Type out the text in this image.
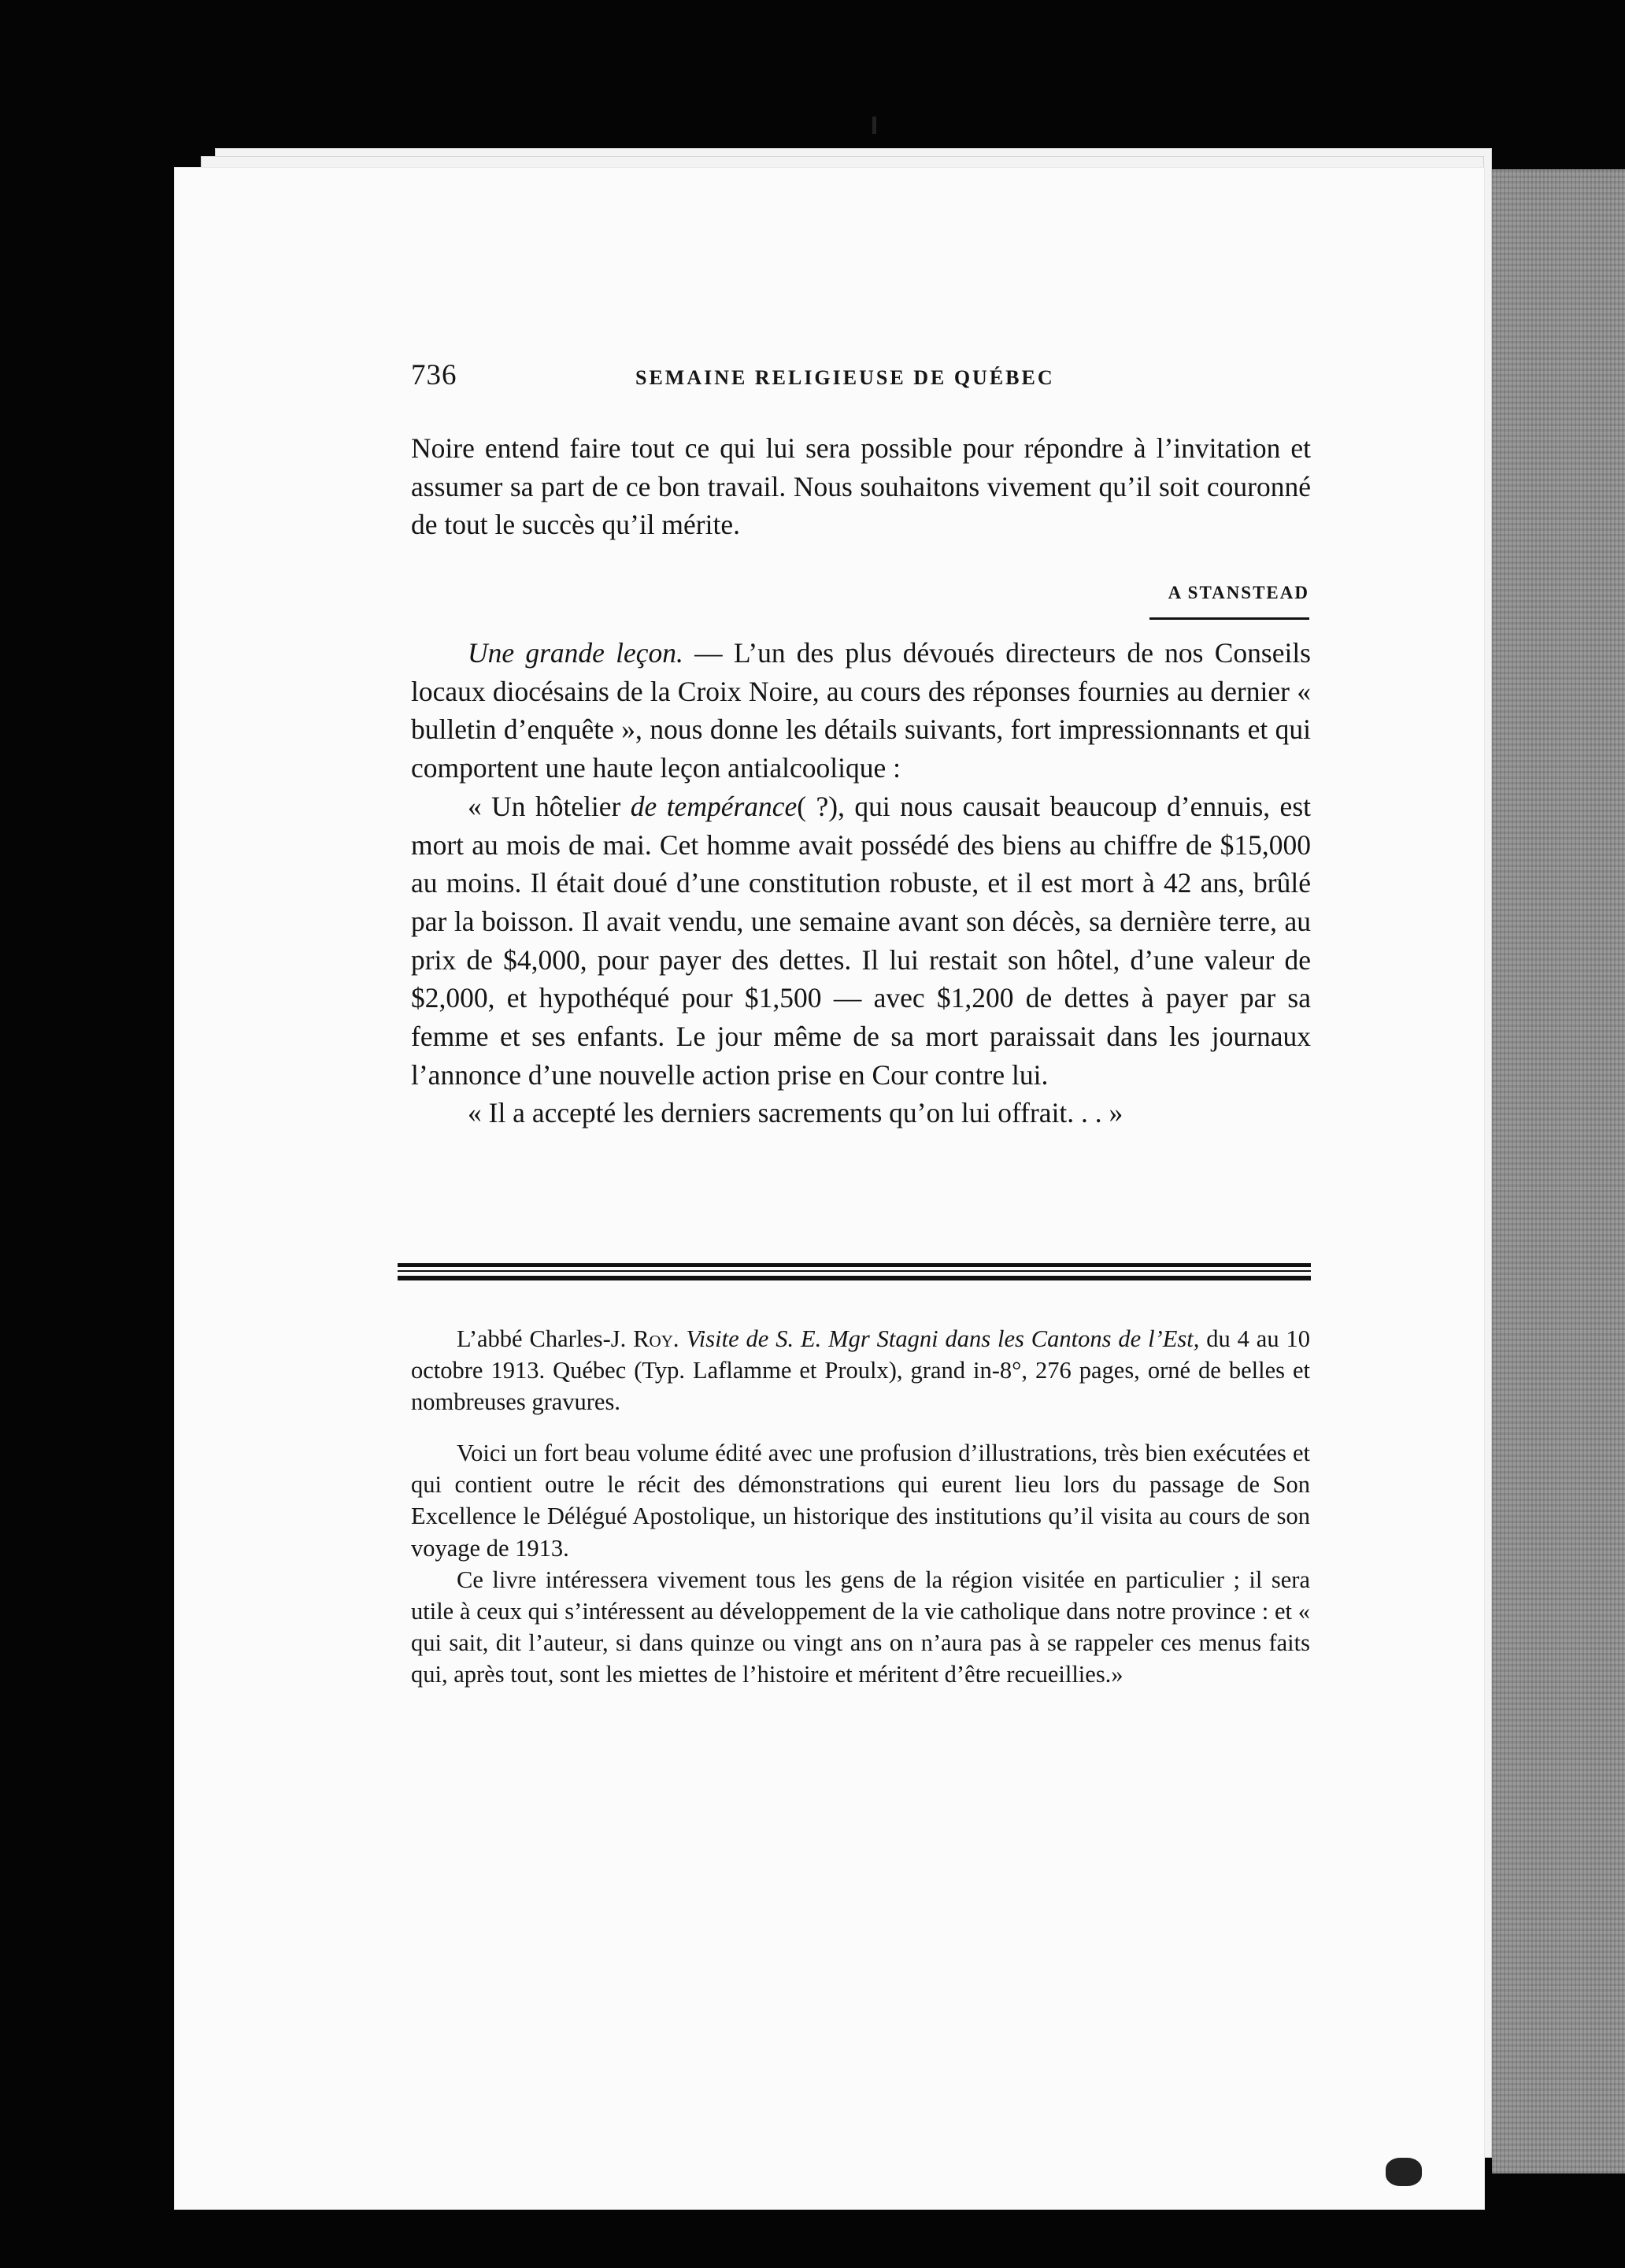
736	SEMAINE RELIGIEUSE DE QUÉBEC

Noire entend faire tout ce qui lui sera possible pour répondre à l’invitation et assumer sa part de ce bon travail. Nous souhaitons vivement qu’il soit couronné de tout le succès qu’il mérite.

A STANSTEAD

Une grande leçon. — L’un des plus dévoués directeurs de nos Conseils locaux diocésains de la Croix Noire, au cours des réponses fournies au dernier « bulletin d’enquête », nous donne les détails suivants, fort impressionnants et qui comportent une haute leçon antialcoolique :

« Un hôtelier de tempérance( ?), qui nous causait beaucoup d’ennuis, est mort au mois de mai. Cet homme avait possédé des biens au chiffre de $15,000 au moins. Il était doué d’une constitution robuste, et il est mort à 42 ans, brûlé par la boisson. Il avait vendu, une semaine avant son décès, sa dernière terre, au prix de $4,000, pour payer des dettes. Il lui restait son hôtel, d’une valeur de $2,000, et hypothéqué pour $1,500 — avec $1,200 de dettes à payer par sa femme et ses enfants. Le jour même de sa mort paraissait dans les journaux l’annonce d’une nouvelle action prise en Cour contre lui.

« Il a accepté les derniers sacrements qu’on lui offrait. . . »

L’abbé Charles-J. Roy. Visite de S. E. Mgr Stagni dans les Cantons de l’Est, du 4 au 10 octobre 1913. Québec (Typ. Laflamme et Proulx), grand in-8°, 276 pages, orné de belles et nombreuses gravures.

Voici un fort beau volume édité avec une profusion d’illustrations, très bien exécutées et qui contient outre le récit des démonstrations qui eurent lieu lors du passage de Son Excellence le Délégué Apostolique, un historique des institutions qu’il visita au cours de son voyage de 1913.

Ce livre intéressera vivement tous les gens de la région visitée en particulier ; il sera utile à ceux qui s’intéressent au développement de la vie catholique dans notre province : et « qui sait, dit l’auteur, si dans quinze ou vingt ans on n’aura pas à se rappeler ces menus faits qui, après tout, sont les miettes de l’histoire et méritent d’être recueillies.»
